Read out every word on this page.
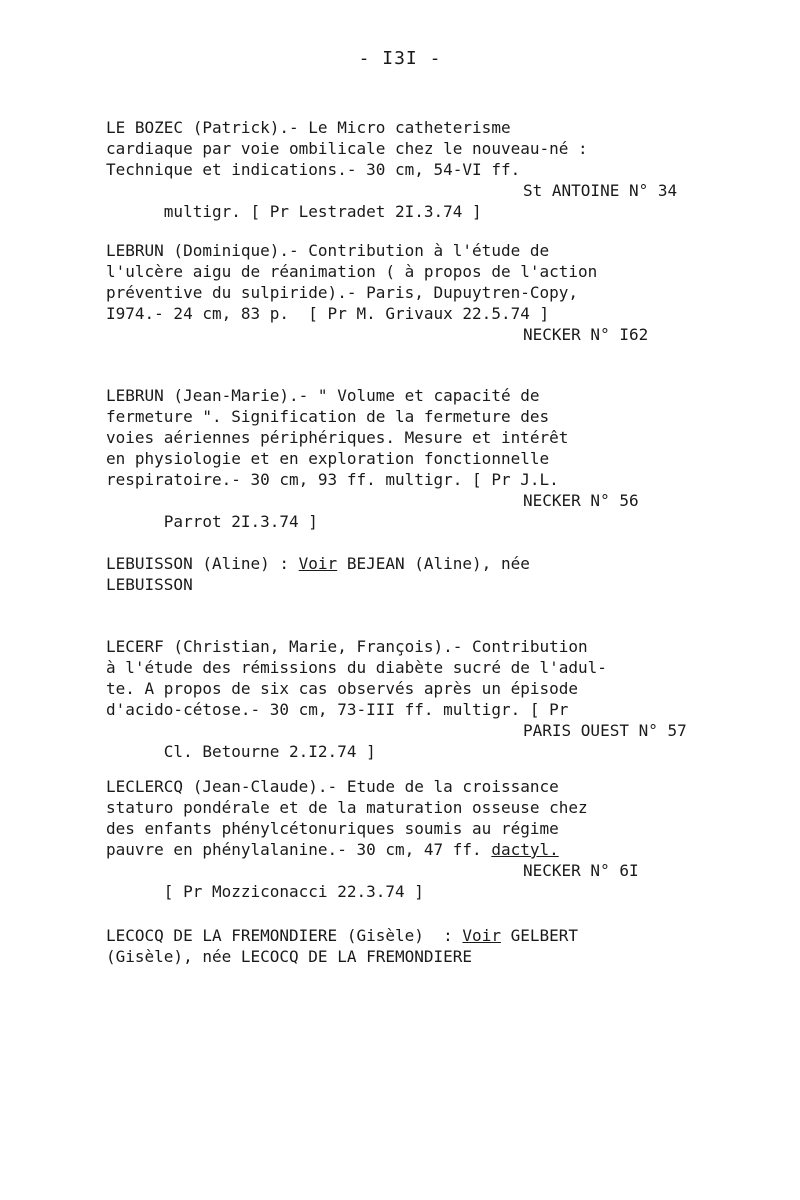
- I3I -
LE BOZEC (Patrick).- Le Micro catheterisme
cardiaque par voie ombilicale chez le nouveau-né :
Technique et indications.- 30 cm, 54-VI ff.

multigr. [ Pr Lestradet 2I.3.74 ]

St ANTOINE N° 34

LEBRUN (Dominique).- Contribution à l'étude de
l'ulcère aigu de réanimation ( à propos de l'action
préventive du sulpiride).- Paris, Dupuytren-Copy,
I974.- 24 cm, 83 p.  [ Pr M. Grivaux 22.5.74 ]

NECKER N° I62

LEBRUN (Jean-Marie).- " Volume et capacité de
fermeture ". Signification de la fermeture des
voies aériennes périphériques. Mesure et intérêt
en physiologie et en exploration fonctionnelle
respiratoire.- 30 cm, 93 ff. multigr. [ Pr J.L.

Parrot 2I.3.74 ]

NECKER N° 56

LEBUISSON (Aline) : Voir BEJEAN (Aline), née
LEBUISSON
LECERF (Christian, Marie, François).- Contribution
à l'étude des rémissions du diabète sucré de l'adul-
te. A propos de six cas observés après un épisode
d'acido-cétose.- 30 cm, 73-III ff. multigr. [ Pr

Cl. Betourne 2.I2.74 ]

PARIS OUEST N° 57

LECLERCQ (Jean-Claude).- Etude de la croissance
staturo pondérale et de la maturation osseuse chez
des enfants phénylcétonuriques soumis au régime
pauvre en phénylalanine.- 30 cm, 47 ff. dactyl.

[ Pr Mozziconacci 22.3.74 ]

NECKER N° 6I

LECOCQ DE LA FREMONDIERE (Gisèle)  : Voir GELBERT
(Gisèle), née LECOCQ DE LA FREMONDIERE
